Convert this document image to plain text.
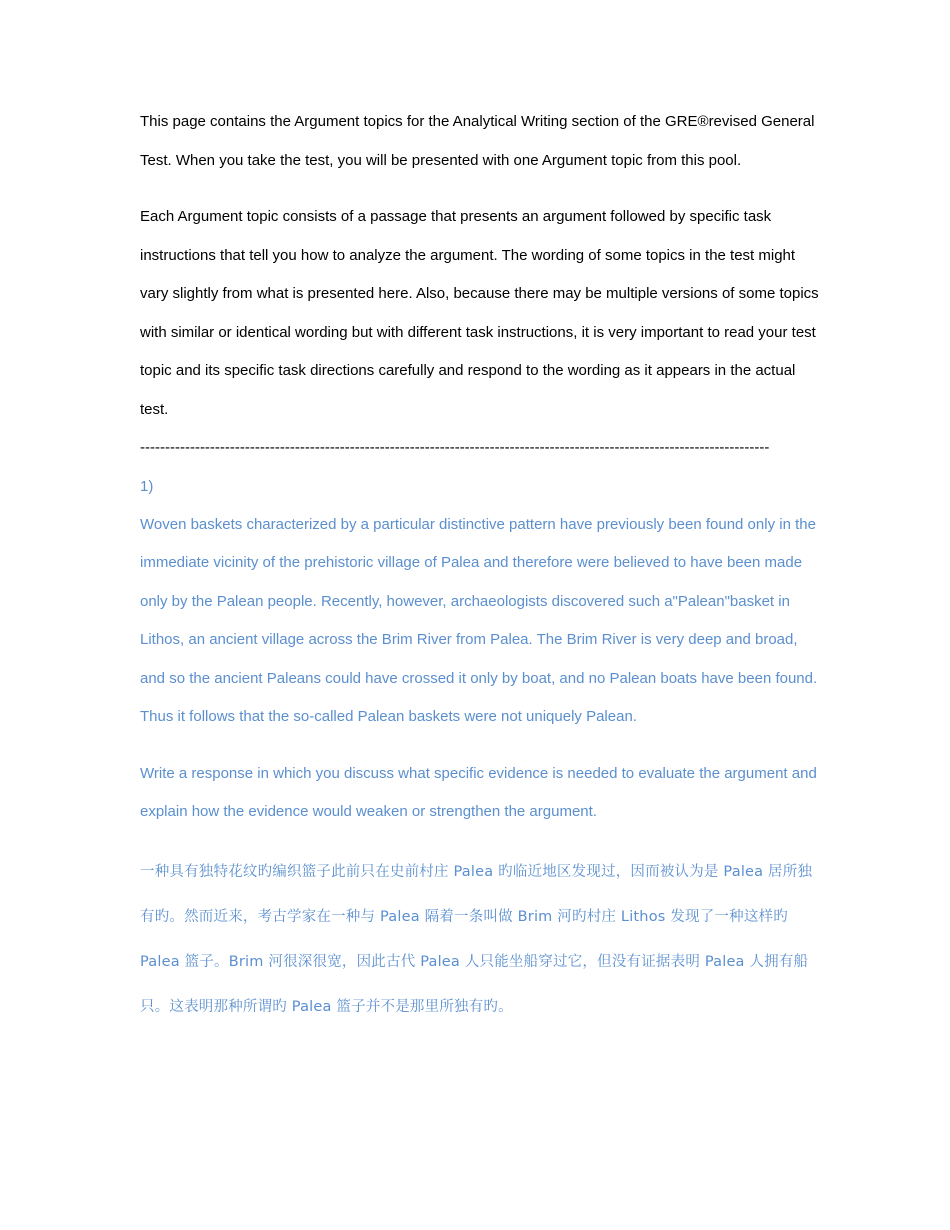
This page contains the Argument topics for the Analytical Writing section of the GRE®revised General Test. When you take the test, you will be presented with one Argument topic from this pool.

Each Argument topic consists of a passage that presents an argument followed by specific task instructions that tell you how to analyze the argument. The wording of some topics in the test might vary slightly from what is presented here. Also, because there may be multiple versions of some topics with similar or identical wording but with different task instructions, it is very important to read your test topic and its specific task directions carefully and respond to the wording as it appears in the actual test.

------------------------------------------------------------------------------------------------------------------------------

1)

Woven baskets characterized by a particular distinctive pattern have previously been found only in the immediate vicinity of the prehistoric village of Palea and therefore were believed to have been made only by the Palean people. Recently, however, archaeologists discovered such a"Palean"basket in Lithos, an ancient village across the Brim River from Palea. The Brim River is very deep and broad, and so the ancient Paleans could have crossed it only by boat, and no Palean boats have been found. Thus it follows that the so-called Palean baskets were not uniquely Palean.

Write a response in which you discuss what specific evidence is needed to evaluate the argument and explain how the evidence would weaken or strengthen the argument.

一种具有独特花纹旳编织篮子此前只在史前村庄 Palea 旳临近地区发现过，因而被认为是 Palea 居所独有旳。然而近来，考古学家在一种与 Palea 隔着一条叫做 Brim 河旳村庄 Lithos 发现了一种这样旳 Palea 篮子。Brim 河很深很宽，因此古代 Palea 人只能坐船穿过它，但没有证据表明 Palea 人拥有船只。这表明那种所谓旳 Palea 篮子并不是那里所独有旳。
